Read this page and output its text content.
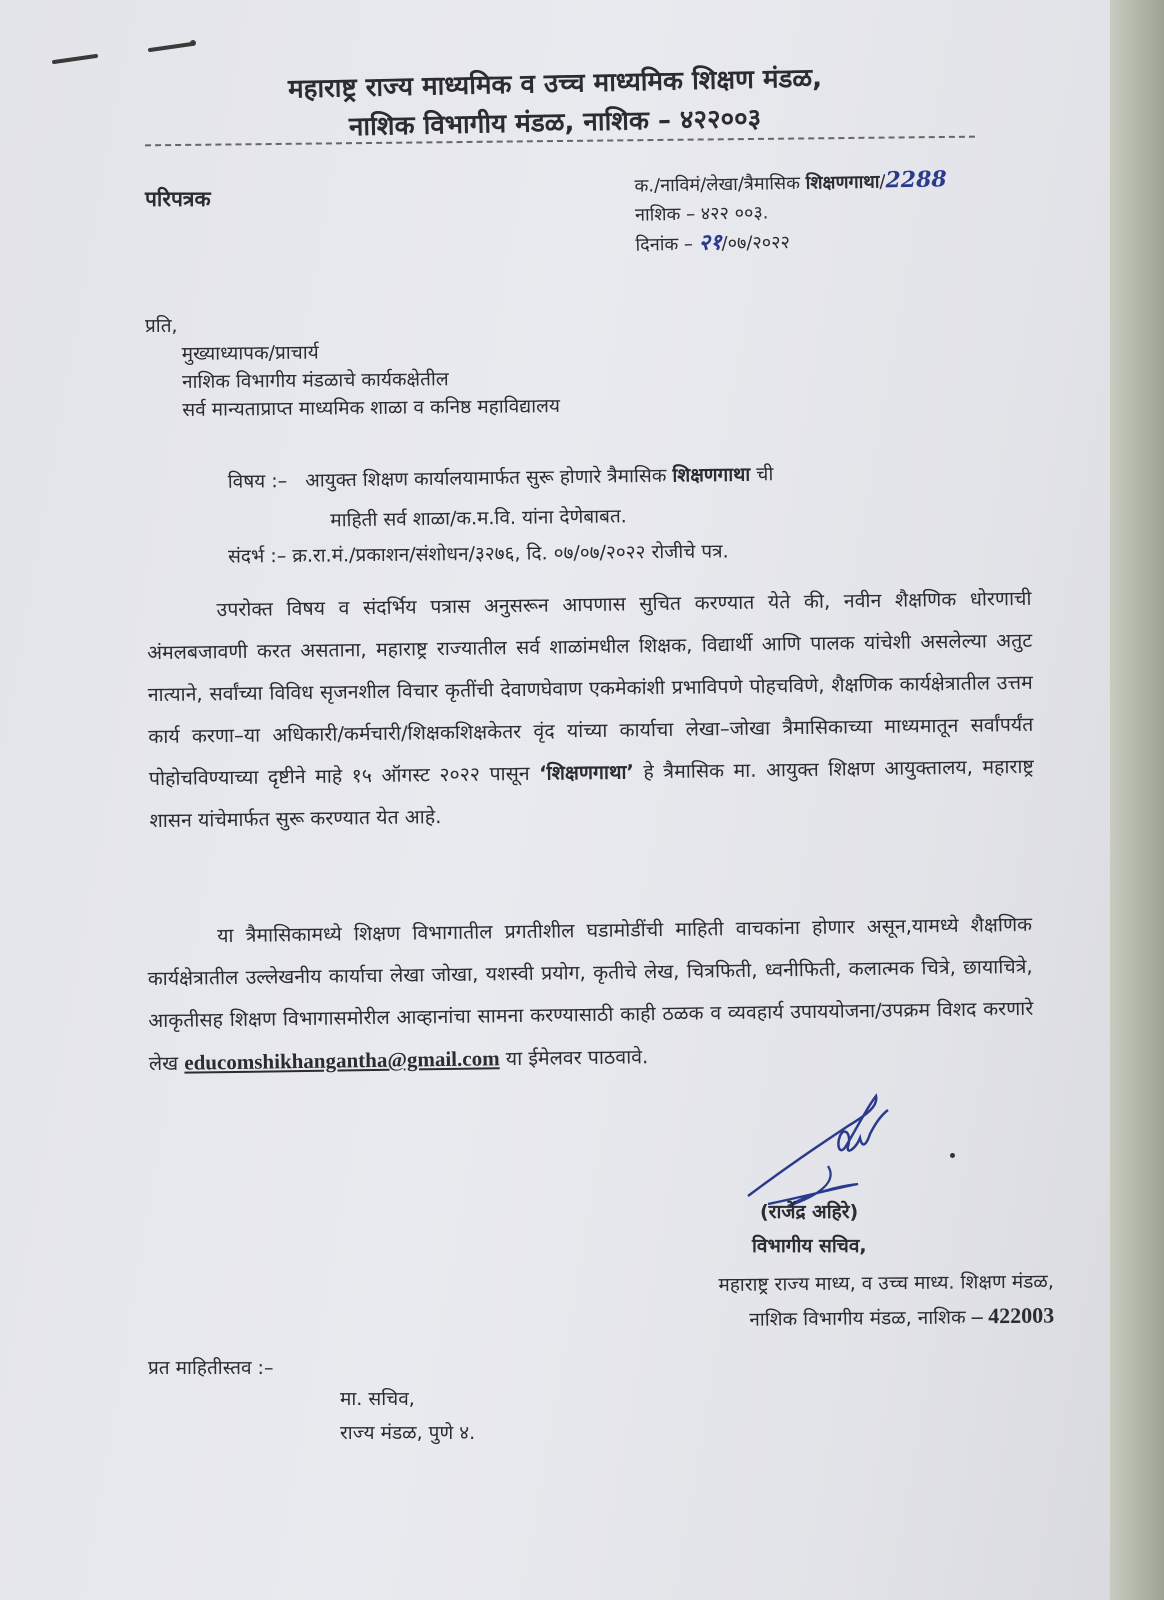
महाराष्ट्र राज्य माध्यमिक व उच्च माध्यमिक शिक्षण मंडळ,
नाशिक विभागीय मंडळ, नाशिक – ४२२००३
परिपत्रक
क./नाविमं/लेखा/त्रैमासिक शिक्षणगाथा/2288
नाशिक – ४२२ ००३.
दिनांक – २१/०७/२०२२
प्रति,
मुख्याध्यापक/प्राचार्य
नाशिक विभागीय मंडळाचे कार्यकक्षेतील
सर्व मान्यताप्राप्त माध्यमिक शाळा व कनिष्ठ महाविद्यालय
विषय :– आयुक्त शिक्षण कार्यालयामार्फत सुरू होणारे त्रैमासिक शिक्षणगाथा ची
माहिती सर्व शाळा/क.म.वि. यांना देणेबाबत.
संदर्भ :– क्र.रा.मं./प्रकाशन/संशोधन/३२७६, दि. ०७/०७/२०२२ रोजीचे पत्र.
उपरोक्त विषय व संदर्भिय पत्रास अनुसरून आपणास सुचित करण्यात येते की, नवीन शैक्षणिक धोरणाची अंमलबजावणी करत असताना, महाराष्ट्र राज्यातील सर्व शाळांमधील शिक्षक, विद्यार्थी आणि पालक यांचेशी असलेल्या अतुट नात्याने, सर्वांच्या विविध सृजनशील विचार कृतींची देवाणघेवाण एकमेकांशी प्रभाविपणे पोहचविणे, शैक्षणिक कार्यक्षेत्रातील उत्तम कार्य करणा–या अधिकारी/कर्मचारी/शिक्षकशिक्षकेतर वृंद यांच्या कार्याचा लेखा–जोखा त्रैमासिकाच्या माध्यमातून सर्वांपर्यंत पोहोचविण्याच्या दृष्टीने माहे १५ ऑगस्ट २०२२ पासून ‘शिक्षणगाथा’ हे त्रैमासिक मा. आयुक्त शिक्षण आयुक्तालय, महाराष्ट्र शासन यांचेमार्फत सुरू करण्यात येत आहे.
या त्रैमासिकामध्ये शिक्षण विभागातील प्रगतीशील घडामोडींची माहिती वाचकांना होणार असून,यामध्ये शैक्षणिक कार्यक्षेत्रातील उल्लेखनीय कार्याचा लेखा जोखा, यशस्वी प्रयोग, कृतीचे लेख, चित्रफिती, ध्वनीफिती, कलात्मक चित्रे, छायाचित्रे, आकृतीसह शिक्षण विभागासमोरील आव्हानांचा सामना करण्यासाठी काही ठळक व व्यवहार्य उपाययोजना/उपक्रम विशद करणारे लेख educomshikhangantha@gmail.com या ईमेलवर पाठवावे.
(राजेंद्र अहिरे)
विभागीय सचिव,
महाराष्ट्र राज्य माध्य, व उच्च माध्य. शिक्षण मंडळ,
नाशिक विभागीय मंडळ, नाशिक – 422003
प्रत माहितीस्तव :–
मा. सचिव,
राज्य मंडळ, पुणे ४.
